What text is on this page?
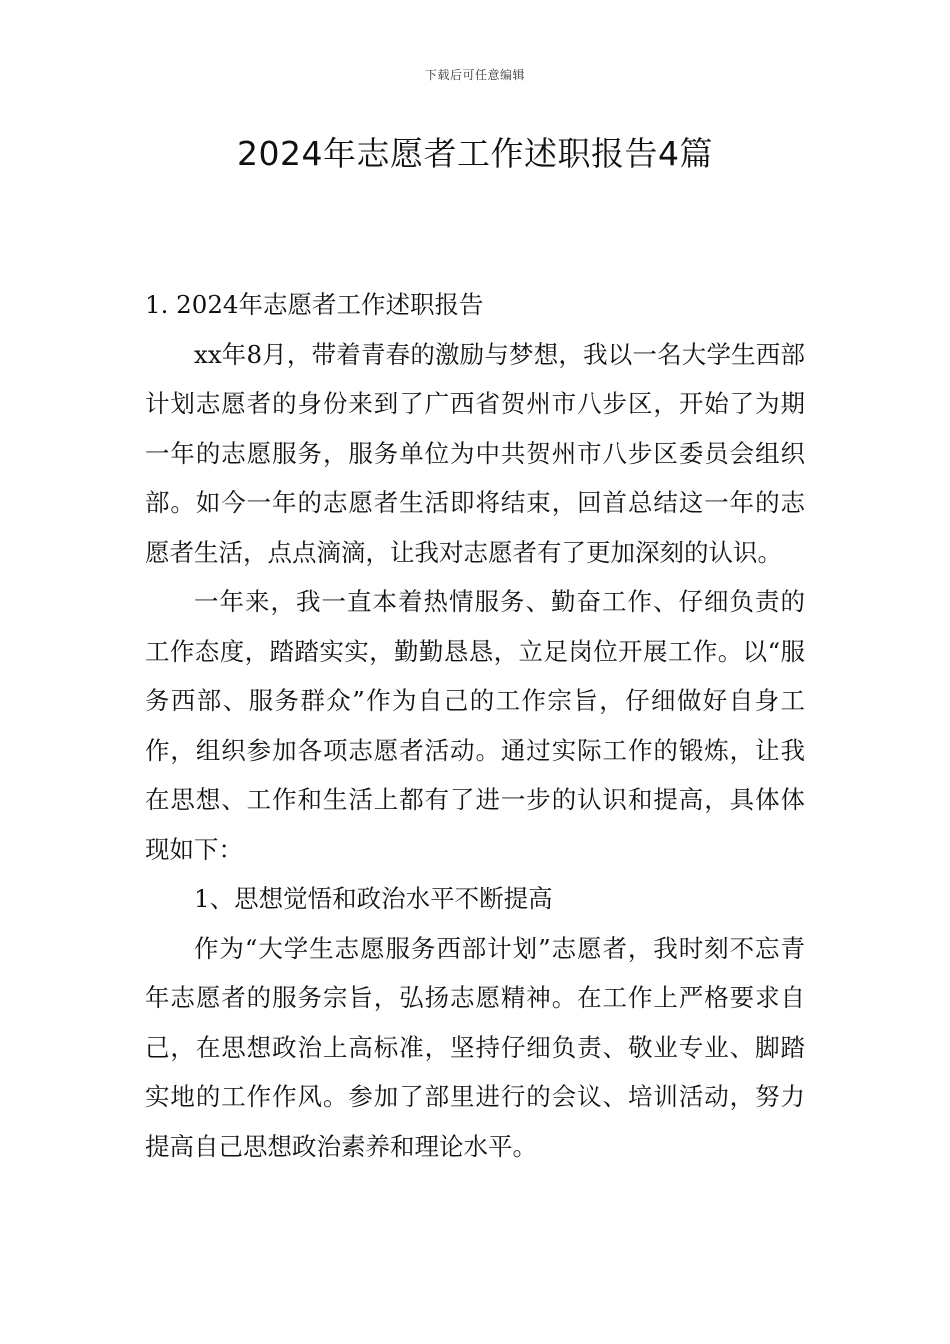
下载后可任意编辑
2024年志愿者工作述职报告4篇

1. 2024年志愿者工作述职报告

xx年8月，带着青春的激励与梦想，我以一名大学生西部计划志愿者的身份来到了广西省贺州市八步区，开始了为期一年的志愿服务，服务单位为中共贺州市八步区委员会组织部。如今一年的志愿者生活即将结束，回首总结这一年的志愿者生活，点点滴滴，让我对志愿者有了更加深刻的认识。

一年来，我一直本着热情服务、勤奋工作、仔细负责的工作态度，踏踏实实，勤勤恳恳，立足岗位开展工作。以“服务西部、服务群众”作为自己的工作宗旨，仔细做好自身工作，组织参加各项志愿者活动。通过实际工作的锻炼，让我在思想、工作和生活上都有了进一步的认识和提高，具体体现如下：

1、思想觉悟和政治水平不断提高

作为“大学生志愿服务西部计划”志愿者，我时刻不忘青年志愿者的服务宗旨，弘扬志愿精神。在工作上严格要求自己，在思想政治上高标准，坚持仔细负责、敬业专业、脚踏实地的工作作风。参加了部里进行的会议、培训活动，努力提高自己思想政治素养和理论水平。
